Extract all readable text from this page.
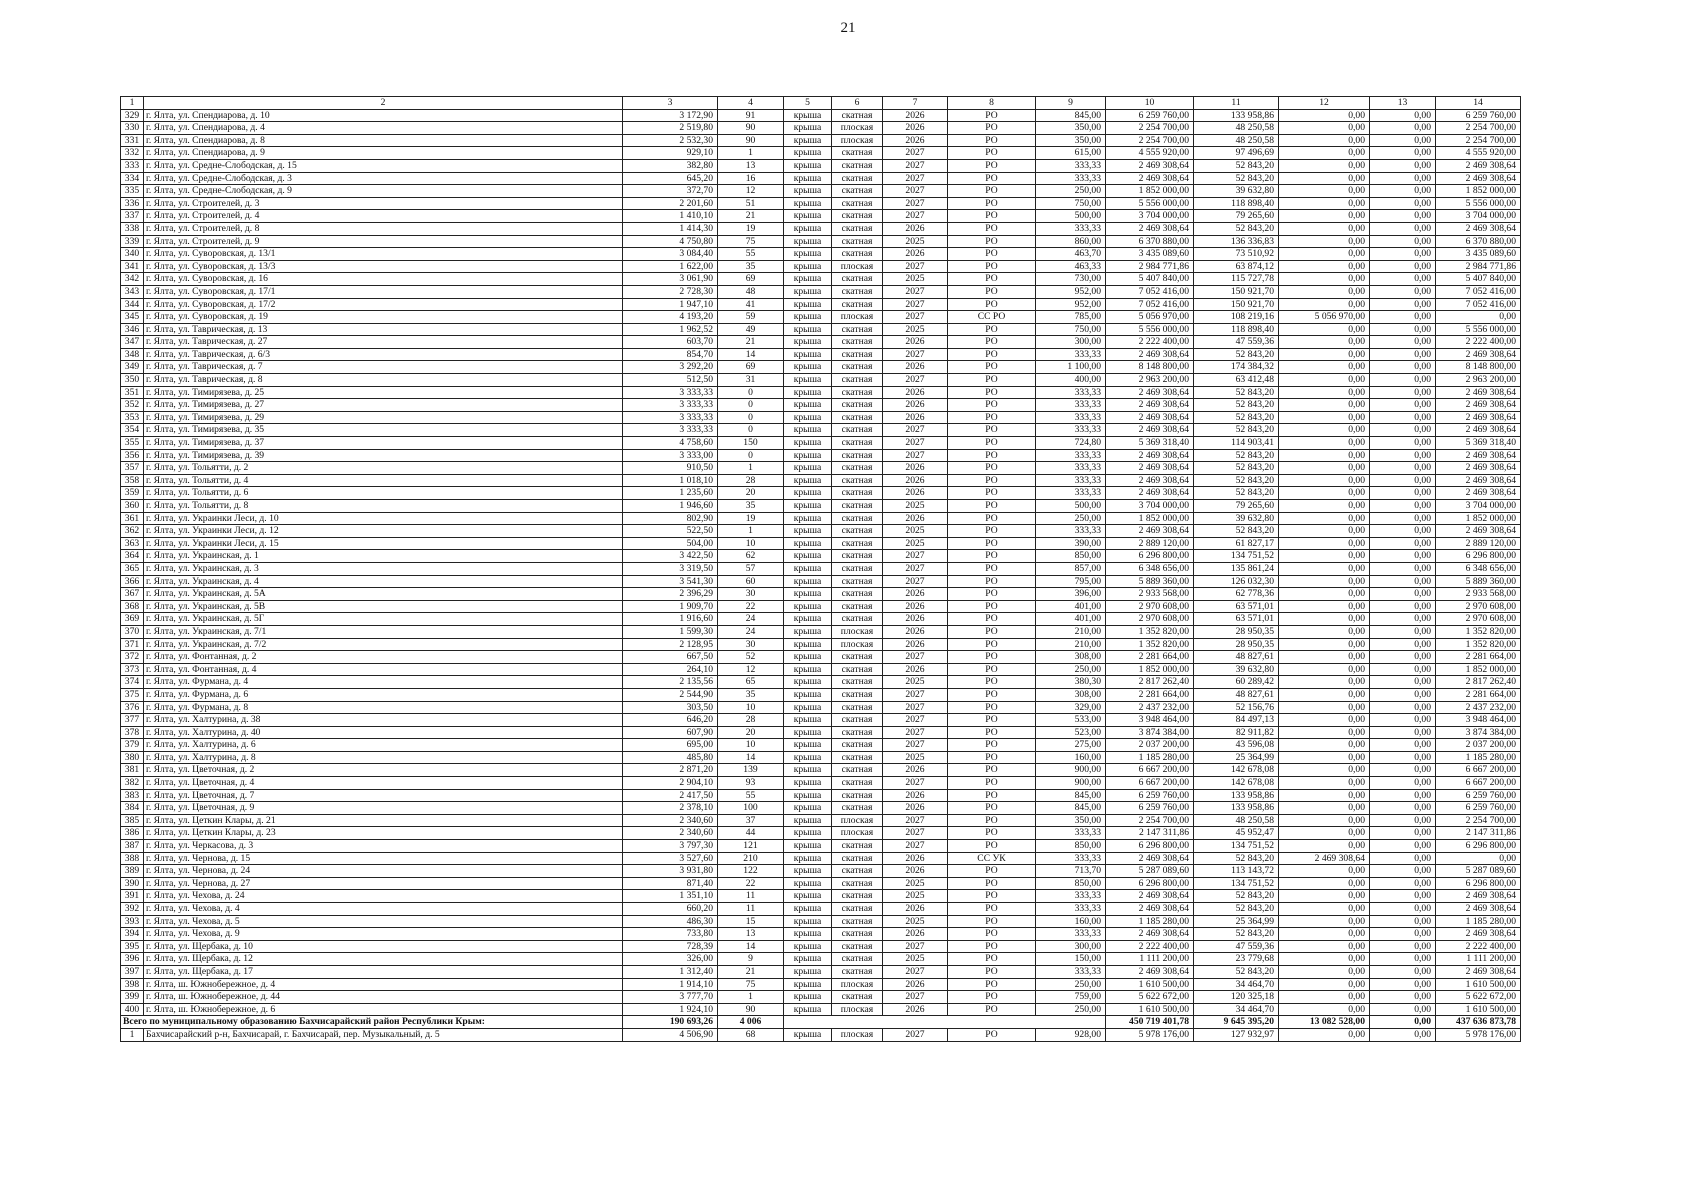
21
1	2	3	4	5	6	7	8	9	10	11	12	13	14
329	г. Ялта, ул. Спендиарова, д. 10	3 172,90	91	крыша	скатная	2026	РО	845,00	6 259 760,00	133 958,86	0,00	0,00	6 259 760,00
330	г. Ялта, ул. Спендиарова, д. 4	2 519,80	90	крыша	плоская	2026	РО	350,00	2 254 700,00	48 250,58	0,00	0,00	2 254 700,00
331	г. Ялта, ул. Спендиарова, д. 8	2 532,30	90	крыша	плоская	2026	РО	350,00	2 254 700,00	48 250,58	0,00	0,00	2 254 700,00
332	г. Ялта, ул. Спендиарова, д. 9	929,10	1	крыша	скатная	2027	РО	615,00	4 555 920,00	97 496,69	0,00	0,00	4 555 920,00
333	г. Ялта, ул. Средне-Слободская, д. 15	382,80	13	крыша	скатная	2027	РО	333,33	2 469 308,64	52 843,20	0,00	0,00	2 469 308,64
334	г. Ялта, ул. Средне-Слободская, д. 3	645,20	16	крыша	скатная	2027	РО	333,33	2 469 308,64	52 843,20	0,00	0,00	2 469 308,64
335	г. Ялта, ул. Средне-Слободская, д. 9	372,70	12	крыша	скатная	2027	РО	250,00	1 852 000,00	39 632,80	0,00	0,00	1 852 000,00
336	г. Ялта, ул. Строителей, д. 3	2 201,60	51	крыша	скатная	2027	РО	750,00	5 556 000,00	118 898,40	0,00	0,00	5 556 000,00
337	г. Ялта, ул. Строителей, д. 4	1 410,10	21	крыша	скатная	2027	РО	500,00	3 704 000,00	79 265,60	0,00	0,00	3 704 000,00
338	г. Ялта, ул. Строителей, д. 8	1 414,30	19	крыша	скатная	2026	РО	333,33	2 469 308,64	52 843,20	0,00	0,00	2 469 308,64
339	г. Ялта, ул. Строителей, д. 9	4 750,80	75	крыша	скатная	2025	РО	860,00	6 370 880,00	136 336,83	0,00	0,00	6 370 880,00
340	г. Ялта, ул. Суворовская, д. 13/1	3 084,40	55	крыша	скатная	2026	РО	463,70	3 435 089,60	73 510,92	0,00	0,00	3 435 089,60
341	г. Ялта, ул. Суворовская, д. 13/3	1 622,00	35	крыша	плоская	2027	РО	463,33	2 984 771,86	63 874,12	0,00	0,00	2 984 771,86
342	г. Ялта, ул. Суворовская, д. 16	3 061,90	69	крыша	скатная	2025	РО	730,00	5 407 840,00	115 727,78	0,00	0,00	5 407 840,00
343	г. Ялта, ул. Суворовская, д. 17/1	2 728,30	48	крыша	скатная	2027	РО	952,00	7 052 416,00	150 921,70	0,00	0,00	7 052 416,00
344	г. Ялта, ул. Суворовская, д. 17/2	1 947,10	41	крыша	скатная	2027	РО	952,00	7 052 416,00	150 921,70	0,00	0,00	7 052 416,00
345	г. Ялта, ул. Суворовская, д. 19	4 193,20	59	крыша	плоская	2027	СС РО	785,00	5 056 970,00	108 219,16	5 056 970,00	0,00	0,00
346	г. Ялта, ул. Таврическая, д. 13	1 962,52	49	крыша	скатная	2025	РО	750,00	5 556 000,00	118 898,40	0,00	0,00	5 556 000,00
347	г. Ялта, ул. Таврическая, д. 27	603,70	21	крыша	скатная	2026	РО	300,00	2 222 400,00	47 559,36	0,00	0,00	2 222 400,00
348	г. Ялта, ул. Таврическая, д. 6/3	854,70	14	крыша	скатная	2027	РО	333,33	2 469 308,64	52 843,20	0,00	0,00	2 469 308,64
349	г. Ялта, ул. Таврическая, д. 7	3 292,20	69	крыша	скатная	2026	РО	1 100,00	8 148 800,00	174 384,32	0,00	0,00	8 148 800,00
350	г. Ялта, ул. Таврическая, д. 8	512,50	31	крыша	скатная	2027	РО	400,00	2 963 200,00	63 412,48	0,00	0,00	2 963 200,00
351	г. Ялта, ул. Тимирязева, д. 25	3 333,33	0	крыша	скатная	2026	РО	333,33	2 469 308,64	52 843,20	0,00	0,00	2 469 308,64
352	г. Ялта, ул. Тимирязева, д. 27	3 333,33	0	крыша	скатная	2026	РО	333,33	2 469 308,64	52 843,20	0,00	0,00	2 469 308,64
353	г. Ялта, ул. Тимирязева, д. 29	3 333,33	0	крыша	скатная	2026	РО	333,33	2 469 308,64	52 843,20	0,00	0,00	2 469 308,64
354	г. Ялта, ул. Тимирязева, д. 35	3 333,33	0	крыша	скатная	2027	РО	333,33	2 469 308,64	52 843,20	0,00	0,00	2 469 308,64
355	г. Ялта, ул. Тимирязева, д. 37	4 758,60	150	крыша	скатная	2027	РО	724,80	5 369 318,40	114 903,41	0,00	0,00	5 369 318,40
356	г. Ялта, ул. Тимирязева, д. 39	3 333,00	0	крыша	скатная	2027	РО	333,33	2 469 308,64	52 843,20	0,00	0,00	2 469 308,64
357	г. Ялта, ул. Тольятти, д. 2	910,50	1	крыша	скатная	2026	РО	333,33	2 469 308,64	52 843,20	0,00	0,00	2 469 308,64
358	г. Ялта, ул. Тольятти, д. 4	1 018,10	28	крыша	скатная	2026	РО	333,33	2 469 308,64	52 843,20	0,00	0,00	2 469 308,64
359	г. Ялта, ул. Тольятти, д. 6	1 235,60	20	крыша	скатная	2026	РО	333,33	2 469 308,64	52 843,20	0,00	0,00	2 469 308,64
360	г. Ялта, ул. Тольятти, д. 8	1 946,60	35	крыша	скатная	2025	РО	500,00	3 704 000,00	79 265,60	0,00	0,00	3 704 000,00
361	г. Ялта, ул. Украинки Леси, д. 10	802,90	19	крыша	скатная	2026	РО	250,00	1 852 000,00	39 632,80	0,00	0,00	1 852 000,00
362	г. Ялта, ул. Украинки Леси, д. 12	522,50	1	крыша	скатная	2025	РО	333,33	2 469 308,64	52 843,20	0,00	0,00	2 469 308,64
363	г. Ялта, ул. Украинки Леси, д. 15	504,00	10	крыша	скатная	2025	РО	390,00	2 889 120,00	61 827,17	0,00	0,00	2 889 120,00
364	г. Ялта, ул. Украинская, д. 1	3 422,50	62	крыша	скатная	2027	РО	850,00	6 296 800,00	134 751,52	0,00	0,00	6 296 800,00
365	г. Ялта, ул. Украинская, д. 3	3 319,50	57	крыша	скатная	2027	РО	857,00	6 348 656,00	135 861,24	0,00	0,00	6 348 656,00
366	г. Ялта, ул. Украинская, д. 4	3 541,30	60	крыша	скатная	2027	РО	795,00	5 889 360,00	126 032,30	0,00	0,00	5 889 360,00
367	г. Ялта, ул. Украинская, д. 5А	2 396,29	30	крыша	скатная	2026	РО	396,00	2 933 568,00	62 778,36	0,00	0,00	2 933 568,00
368	г. Ялта, ул. Украинская, д. 5В	1 909,70	22	крыша	скатная	2026	РО	401,00	2 970 608,00	63 571,01	0,00	0,00	2 970 608,00
369	г. Ялта, ул. Украинская, д. 5Г	1 916,60	24	крыша	скатная	2026	РО	401,00	2 970 608,00	63 571,01	0,00	0,00	2 970 608,00
370	г. Ялта, ул. Украинская, д. 7/1	1 599,30	24	крыша	плоская	2026	РО	210,00	1 352 820,00	28 950,35	0,00	0,00	1 352 820,00
371	г. Ялта, ул. Украинская, д. 7/2	2 128,95	30	крыша	плоская	2026	РО	210,00	1 352 820,00	28 950,35	0,00	0,00	1 352 820,00
372	г. Ялта, ул. Фонтанная, д. 2	667,50	52	крыша	скатная	2027	РО	308,00	2 281 664,00	48 827,61	0,00	0,00	2 281 664,00
373	г. Ялта, ул. Фонтанная, д. 4	264,10	12	крыша	скатная	2026	РО	250,00	1 852 000,00	39 632,80	0,00	0,00	1 852 000,00
374	г. Ялта, ул. Фурмана, д. 4	2 135,56	65	крыша	скатная	2025	РО	380,30	2 817 262,40	60 289,42	0,00	0,00	2 817 262,40
375	г. Ялта, ул. Фурмана, д. 6	2 544,90	35	крыша	скатная	2027	РО	308,00	2 281 664,00	48 827,61	0,00	0,00	2 281 664,00
376	г. Ялта, ул. Фурмана, д. 8	303,50	10	крыша	скатная	2027	РО	329,00	2 437 232,00	52 156,76	0,00	0,00	2 437 232,00
377	г. Ялта, ул. Халтурина, д. 38	646,20	28	крыша	скатная	2027	РО	533,00	3 948 464,00	84 497,13	0,00	0,00	3 948 464,00
378	г. Ялта, ул. Халтурина, д. 40	607,90	20	крыша	скатная	2027	РО	523,00	3 874 384,00	82 911,82	0,00	0,00	3 874 384,00
379	г. Ялта, ул. Халтурина, д. 6	695,00	10	крыша	скатная	2027	РО	275,00	2 037 200,00	43 596,08	0,00	0,00	2 037 200,00
380	г. Ялта, ул. Халтурина, д. 8	485,80	14	крыша	скатная	2025	РО	160,00	1 185 280,00	25 364,99	0,00	0,00	1 185 280,00
381	г. Ялта, ул. Цветочная, д. 2	2 871,20	139	крыша	скатная	2026	РО	900,00	6 667 200,00	142 678,08	0,00	0,00	6 667 200,00
382	г. Ялта, ул. Цветочная, д. 4	2 904,10	93	крыша	скатная	2027	РО	900,00	6 667 200,00	142 678,08	0,00	0,00	6 667 200,00
383	г. Ялта, ул. Цветочная, д. 7	2 417,50	55	крыша	скатная	2026	РО	845,00	6 259 760,00	133 958,86	0,00	0,00	6 259 760,00
384	г. Ялта, ул. Цветочная, д. 9	2 378,10	100	крыша	скатная	2026	РО	845,00	6 259 760,00	133 958,86	0,00	0,00	6 259 760,00
385	г. Ялта, ул. Цеткин Клары, д. 21	2 340,60	37	крыша	плоская	2027	РО	350,00	2 254 700,00	48 250,58	0,00	0,00	2 254 700,00
386	г. Ялта, ул. Цеткин Клары, д. 23	2 340,60	44	крыша	плоская	2027	РО	333,33	2 147 311,86	45 952,47	0,00	0,00	2 147 311,86
387	г. Ялта, ул. Черкасова, д. 3	3 797,30	121	крыша	скатная	2027	РО	850,00	6 296 800,00	134 751,52	0,00	0,00	6 296 800,00
388	г. Ялта, ул. Чернова, д. 15	3 527,60	210	крыша	скатная	2026	СС УК	333,33	2 469 308,64	52 843,20	2 469 308,64	0,00	0,00
389	г. Ялта, ул. Чернова, д. 24	3 931,80	122	крыша	скатная	2026	РО	713,70	5 287 089,60	113 143,72	0,00	0,00	5 287 089,60
390	г. Ялта, ул. Чернова, д. 27	871,40	22	крыша	скатная	2025	РО	850,00	6 296 800,00	134 751,52	0,00	0,00	6 296 800,00
391	г. Ялта, ул. Чехова, д. 24	1 351,10	11	крыша	скатная	2025	РО	333,33	2 469 308,64	52 843,20	0,00	0,00	2 469 308,64
392	г. Ялта, ул. Чехова, д. 4	660,20	11	крыша	скатная	2026	РО	333,33	2 469 308,64	52 843,20	0,00	0,00	2 469 308,64
393	г. Ялта, ул. Чехова, д. 5	486,30	15	крыша	скатная	2025	РО	160,00	1 185 280,00	25 364,99	0,00	0,00	1 185 280,00
394	г. Ялта, ул. Чехова, д. 9	733,80	13	крыша	скатная	2026	РО	333,33	2 469 308,64	52 843,20	0,00	0,00	2 469 308,64
395	г. Ялта, ул. Щербака, д. 10	728,39	14	крыша	скатная	2027	РО	300,00	2 222 400,00	47 559,36	0,00	0,00	2 222 400,00
396	г. Ялта, ул. Щербака, д. 12	326,00	9	крыша	скатная	2025	РО	150,00	1 111 200,00	23 779,68	0,00	0,00	1 111 200,00
397	г. Ялта, ул. Щербака, д. 17	1 312,40	21	крыша	скатная	2027	РО	333,33	2 469 308,64	52 843,20	0,00	0,00	2 469 308,64
398	г. Ялта, ш. Южнобережное, д. 4	1 914,10	75	крыша	плоская	2026	РО	250,00	1 610 500,00	34 464,70	0,00	0,00	1 610 500,00
399	г. Ялта, ш. Южнобережное, д. 44	3 777,70	1	крыша	скатная	2027	РО	759,00	5 622 672,00	120 325,18	0,00	0,00	5 622 672,00
400	г. Ялта, ш. Южнобережное, д. 6	1 924,10	90	крыша	плоская	2026	РО	250,00	1 610 500,00	34 464,70	0,00	0,00	1 610 500,00
Всего по муниципальному образованию Бахчисарайский район Республики Крым:		190 693,26	4 006						450 719 401,78	9 645 395,20	13 082 528,00	0,00	437 636 873,78
1	Бахчисарайский р-н, Бахчисарай, г. Бахчисарай, пер. Музыкальный, д. 5	4 506,90	68	крыша	плоская	2027	РО	928,00	5 978 176,00	127 932,97	0,00	0,00	5 978 176,00
